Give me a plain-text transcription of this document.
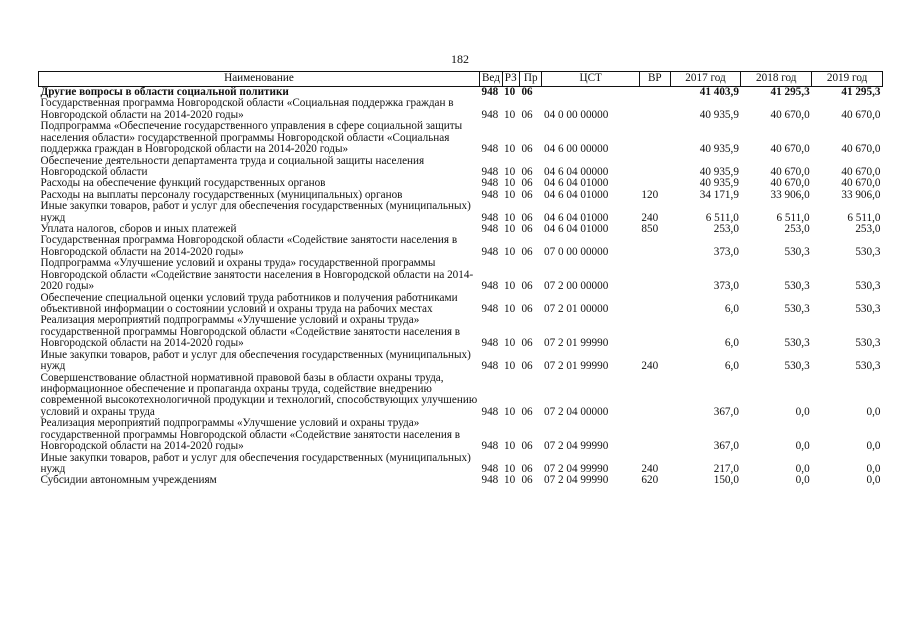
182
Наименование	Вед	РЗ	Пр	ЦСТ	ВР	2017 год	2018 год	2019 год
Другие вопросы в области социальной политики	948	10	06			41 403,9	41 295,3	41 295,3
Государственная программа Новгородской области «Социальная поддержка граждан в Новгородской области на 2014-2020 годы»	948	10	06	04 0 00 00000		40 935,9	40 670,0	40 670,0
Подпрограмма «Обеспечение государственного управления в сфере социальной защиты населения области» государственной программы Новгородской области «Социальная поддержка граждан в Новгородской области на 2014-2020 годы»	948	10	06	04 6 00 00000		40 935,9	40 670,0	40 670,0
Обеспечение деятельности департамента труда и социальной защиты населения Новгородской области	948	10	06	04 6 04 00000		40 935,9	40 670,0	40 670,0
Расходы на обеспечение функций государственных органов	948	10	06	04 6 04 01000		40 935,9	40 670,0	40 670,0
Расходы на выплаты персоналу государственных (муниципальных) органов	948	10	06	04 6 04 01000	120	34 171,9	33 906,0	33 906,0
Иные закупки товаров, работ и услуг для обеспечения государственных (муниципальных) нужд	948	10	06	04 6 04 01000	240	6 511,0	6 511,0	6 511,0
Уплата налогов, сборов и иных платежей	948	10	06	04 6 04 01000	850	253,0	253,0	253,0
Государственная программа Новгородской области «Содействие занятости населения в Новгородской области на 2014-2020 годы»	948	10	06	07 0 00 00000		373,0	530,3	530,3
Подпрограмма «Улучшение условий и охраны труда» государственной программы Новгородской области «Содействие занятости населения в Новгородской области на 2014-2020 годы»	948	10	06	07 2 00 00000		373,0	530,3	530,3
Обеспечение специальной оценки условий труда работников и получения работниками объективной информации о состоянии условий и охраны труда на рабочих местах	948	10	06	07 2 01 00000		6,0	530,3	530,3
Реализация мероприятий подпрограммы «Улучшение условий и охраны труда» государственной программы Новгородской области «Содействие занятости населения в Новгородской области на 2014-2020 годы»	948	10	06	07 2 01 99990		6,0	530,3	530,3
Иные закупки товаров, работ и услуг для обеспечения государственных (муниципальных) нужд	948	10	06	07 2 01 99990	240	6,0	530,3	530,3
Совершенствование областной нормативной правовой базы в области охраны труда, информационное обеспечение и пропаганда охраны труда, содействие внедрению современной высокотехнологичной продукции и технологий, способствующих улучшению условий и охраны труда	948	10	06	07 2 04 00000		367,0	0,0	0,0
Реализация мероприятий подпрограммы «Улучшение условий и охраны труда» государственной программы Новгородской области «Содействие занятости населения в Новгородской области на 2014-2020 годы»	948	10	06	07 2 04 99990		367,0	0,0	0,0
Иные закупки товаров, работ и услуг для обеспечения государственных (муниципальных) нужд	948	10	06	07 2 04 99990	240	217,0	0,0	0,0
Субсидии автономным учреждениям	948	10	06	07 2 04 99990	620	150,0	0,0	0,0
